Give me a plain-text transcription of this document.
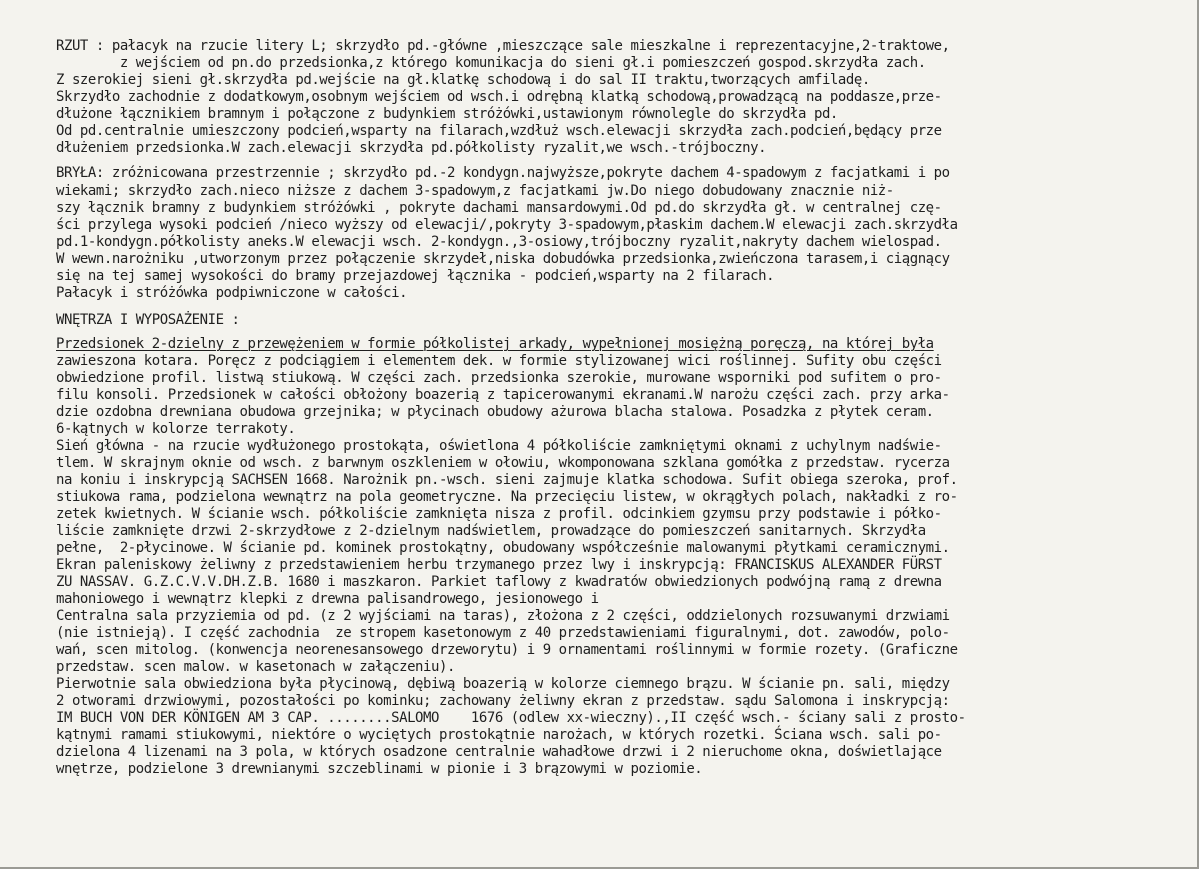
RZUT : pałacyk na rzucie litery L; skrzydło pd.-główne ,mieszczące sale mieszkalne i reprezentacyjne,2-traktowe,
z wejściem od pn.do przedsionka,z którego komunikacja do sieni gł.i pomieszczeń gospod.skrzydła zach.
Z szerokiej sieni gł.skrzydła pd.wejście na gł.klatkę schodową i do sal II traktu,tworzących amfiladę.
Skrzydło zachodnie z dodatkowym,osobnym wejściem od wsch.i odrębną klatką schodową,prowadzącą na poddasze,prze-
dłużone łącznikiem bramnym i połączone z budynkiem stróżówki,ustawionym równolegle do skrzydła pd.
Od pd.centralnie umieszczony podcień,wsparty na filarach,wzdłuż wsch.elewacji skrzydła zach.podcień,będący prze
dłużeniem przedsionka.W zach.elewacji skrzydła pd.półkolisty ryzalit,we wsch.-trójboczny.
BRYŁA: zróżnicowana przestrzennie ; skrzydło pd.-2 kondygn.najwyższe,pokryte dachem 4-spadowym z facjatkami i po
wiekami; skrzydło zach.nieco niższe z dachem 3-spadowym,z facjatkami jw.Do niego dobudowany znacznie niż-
szy łącznik bramny z budynkiem stróżówki , pokryte dachami mansardowymi.Od pd.do skrzydła gł. w centralnej czę-
ści przylega wysoki podcień /nieco wyższy od elewacji/,pokryty 3-spadowym,płaskim dachem.W elewacji zach.skrzydła
pd.1-kondygn.półkolisty aneks.W elewacji wsch. 2-kondygn.,3-osiowy,trójboczny ryzalit,nakryty dachem wielospad.
W wewn.narożniku ,utworzonym przez połączenie skrzydeł,niska dobudówka przedsionka,zwieńczona tarasem,i ciągnący
się na tej samej wysokości do bramy przejazdowej łącznika - podcień,wsparty na 2 filarach.
Pałacyk i stróżówka podpiwniczone w całości.
WNĘTRZA I WYPOSAŻENIE :
Przedsionek 2-dzielny z przewężeniem w formie półkolistej arkady, wypełnionej mosiężną poręczą, na której była
zawieszona kotara. Poręcz z podciągiem i elementem dek. w formie stylizowanej wici roślinnej. Sufity obu części
obwiedzione profil. listwą stiukową. W części zach. przedsionka szerokie, murowane wsporniki pod sufitem o pro-
filu konsoli. Przedsionek w całości obłożony boazerią z tapicerowanymi ekranami.W narożu części zach. przy arka-
dzie ozdobna drewniana obudowa grzejnika; w płycinach obudowy ażurowa blacha stalowa. Posadzka z płytek ceram.
6-kątnych w kolorze terrakoty.
Sień główna - na rzucie wydłużonego prostokąta, oświetlona 4 półkoliście zamkniętymi oknami z uchylnym nadświe-
tlem. W skrajnym oknie od wsch. z barwnym oszkleniem w ołowiu, wkomponowana szklana gomółka z przedstaw. rycerza
na koniu i inskrypcją SACHSEN 1668. Narożnik pn.-wsch. sieni zajmuje klatka schodowa. Sufit obiega szeroka, prof.
stiukowa rama, podzielona wewnątrz na pola geometryczne. Na przecięciu listew, w okrągłych polach, nakładki z ro-
zetek kwietnych. W ścianie wsch. półkoliście zamknięta nisza z profil. odcinkiem gzymsu przy podstawie i półko-
liście zamknięte drzwi 2-skrzydłowe z 2-dzielnym nadświetlem, prowadzące do pomieszczeń sanitarnych. Skrzydła
pełne,  2-płycinowe. W ścianie pd. kominek prostokątny, obudowany współcześnie malowanymi płytkami ceramicznymi.
Ekran paleniskowy żeliwny z przedstawieniem herbu trzymanego przez lwy i inskrypcją: FRANCISKUS ALEXANDER FÜRST
ZU NASSAV. G.Z.C.V.V.DH.Z.B. 1680 i maszkaron. Parkiet taflowy z kwadratów obwiedzionych podwójną ramą z drewna
mahoniowego i wewnątrz klepki z drewna palisandrowego, jesionowego i
Centralna sala przyziemia od pd. (z 2 wyjściami na taras), złożona z 2 części, oddzielonych rozsuwanymi drzwiami
(nie istnieją). I część zachodnia  ze stropem kasetonowym z 40 przedstawieniami figuralnymi, dot. zawodów, polo-
wań, scen mitolog. (konwencja neorenesansowego drzeworytu) i 9 ornamentami roślinnymi w formie rozety. (Graficzne
przedstaw. scen malow. w kasetonach w załączeniu).
Pierwotnie sala obwiedziona była płycinową, dębiwą boazerią w kolorze ciemnego brązu. W ścianie pn. sali, między
2 otworami drzwiowymi, pozostałości po kominku; zachowany żeliwny ekran z przedstaw. sądu Salomona i inskrypcją:
IM BUCH VON DER KÖNIGEN AM 3 CAP. ........SALOMO    1676 (odlew xx-wieczny).,II część wsch.- ściany sali z prosto-
kątnymi ramami stiukowymi, niektóre o wyciętych prostokątnie narożach, w których rozetki. Ściana wsch. sali po-
dzielona 4 lizenami na 3 pola, w których osadzone centralnie wahadłowe drzwi i 2 nieruchome okna, doświetlające
wnętrze, podzielone 3 drewnianymi szczeblinami w pionie i 3 brązowymi w poziomie.
